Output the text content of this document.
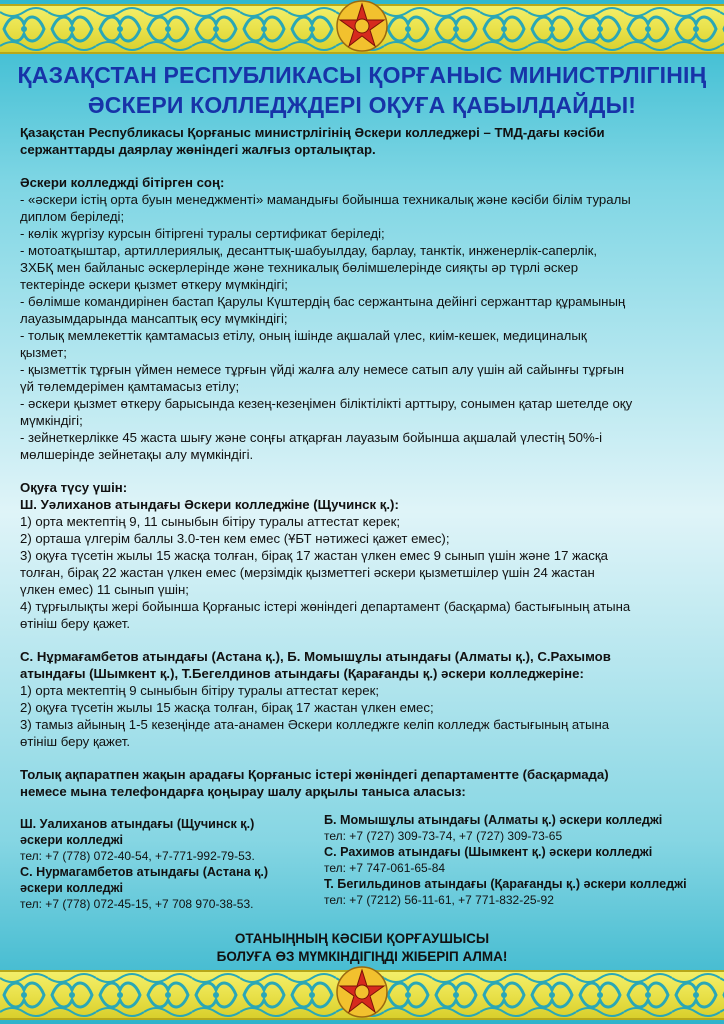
ҚАЗАҚСТАН РЕСПУБЛИКАСЫ ҚОРҒАНЫС МИНИСТРЛІГІНІҢ
ӘСКЕРИ КОЛЛЕДЖДЕРІ ОҚУҒА ҚАБЫЛДАЙДЫ!

Қазақстан Республикасы Қорғаныс министрлігінің Әскери колледжері – ТМД-дағы кәсіби

сержанттарды даярлау жөніндегі жалғыз орталықтар.

Әскери колледжді бітірген соң:

- «әскери істің орта буын менеджменті» мамандығы бойынша техникалық және кәсіби білім туралы

диплом беріледі;

- көлік жүргізу курсын бітіргені туралы сертификат беріледі;

- мотоатқыштар, артиллериялық, десанттық-шабуылдау, барлау, танктік, инженерлік-саперлік,

ЗХБҚ мен байланыс әскерлерінде және техникалық бөлімшелерінде сияқты әр түрлі әскер

тектерінде әскери қызмет өткеру мүмкіндігі;

- бөлімше командирінен бастап Қарулы Күштердің бас сержантына дейінгі сержанттар құрамының

лауазымдарында мансаптық өсу мүмкіндігі;

- толық мемлекеттік қамтамасыз етілу, оның ішінде ақшалай үлес, киім-кешек, медициналық

қызмет;

- қызметтік тұрғын үймен немесе тұрғын үйді жалға алу немесе сатып алу үшін ай сайынғы тұрғын

үй төлемдерімен қамтамасыз етілу;

- әскери қызмет өткеру барысында кезең-кезеңімен біліктілікті арттыру, сонымен қатар шетелде оқу

мүмкіндігі;

- зейнеткерлікке 45 жаста шығу және соңғы атқарған лауазым бойынша ақшалай үлестің 50%-і

мөлшерінде зейнетақы алу мүмкіндігі.

Оқуға түсу үшін:

Ш. Уәлиханов атындағы Әскери колледжіне (Щучинск қ.):

1) орта мектептің 9, 11 сыныбын бітіру туралы аттестат керек;

2) орташа үлгерім баллы 3.0-тен кем емес (ҰБТ нәтижесі қажет емес);

3) оқуға түсетін жылы 15 жасқа толған, бірақ 17 жастан үлкен емес 9 сынып үшін және 17 жасқа

толған, бірақ 22 жастан үлкен емес (мерзімдік қызметтегі әскери қызметшілер үшін 24 жастан

үлкен емес) 11 сынып үшін;

4) тұрғылықты жері бойынша Қорғаныс істері жөніндегі департамент (басқарма) бастығының атына

өтініш беру қажет.

С. Нұрмағамбетов атындағы (Астана қ.), Б. Момышұлы атындағы (Алматы қ.), С.Рахымов

атындағы (Шымкент қ.), Т.Бегелдинов атындағы (Қарағанды қ.) әскери колледжеріне:

1) орта мектептің 9 сыныбын бітіру туралы аттестат керек;

2) оқуға түсетін жылы 15 жасқа толған, бірақ 17 жастан үлкен емес;

3) тамыз айының 1-5 кезеңінде ата-анамен Әскери колледжге келіп колледж бастығының атына

өтініш беру қажет.

Толық ақпаратпен жақын арадағы Қорғаныс істері жөніндегі департаментте (басқармада)

немесе мына телефондарға қоңырау шалу арқылы таныса аласыз:

Ш. Уалиханов атындағы (Щучинск қ.)

әскери колледжі

тел: +7 (778) 072-40-54, +7-771-992-79-53.

С. Нурмагамбетов атындағы (Астана қ.)

әскери колледжі

тел: +7 (778) 072-45-15, +7 708 970-38-53.

Б. Момышұлы атындағы (Алматы қ.) әскери колледжі

тел: +7 (727) 309-73-74, +7 (727) 309-73-65

С. Рахимов атындағы (Шымкент қ.) әскери колледжі

тел: +7 747-061-65-84

Т. Бегильдинов атындағы (Қарағанды қ.) әскери колледжі

тел: +7 (7212) 56-11-61, +7 771-832-25-92

ОТАНЫҢНЫҢ КӘСІБИ ҚОРҒАУШЫСЫ
БОЛУҒА ӨЗ МҮМКІНДІГІҢДІ ЖІБЕРІП АЛМА!
